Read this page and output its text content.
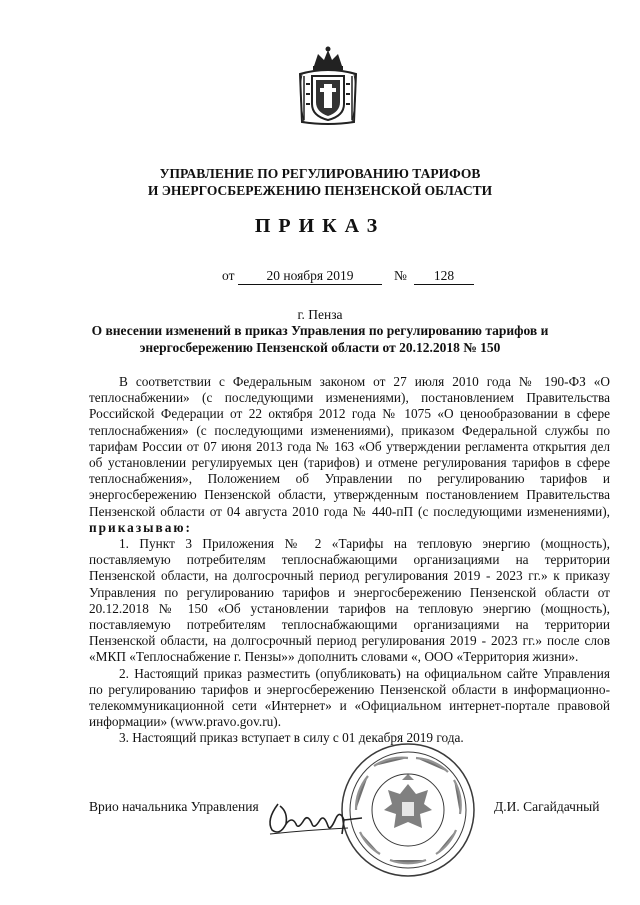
УПРАВЛЕНИЕ ПО РЕГУЛИРОВАНИЮ ТАРИФОВ
И ЭНЕРГОСБЕРЕЖЕНИЮ ПЕНЗЕНСКОЙ ОБЛАСТИ
ПРИКАЗ
от	20 ноября 2019	№	128
г. Пенза
О внесении изменений в приказ Управления по регулированию тарифов и
энергосбережению Пензенской области от 20.12.2018 № 150

В соответствии с Федеральным законом от 27 июля 2010 года № 190-ФЗ «О теплоснабжении» (с последующими изменениями), постановлением Правительства Российской Федерации от 22 октября 2012 года № 1075 «О ценообразовании в сфере теплоснабжения» (с последующими изменениями), приказом Федеральной службы по тарифам России от 07 июня 2013 года № 163 «Об утверждении регламента открытия дел об установлении регулируемых цен (тарифов) и отмене регулирования тарифов в сфере теплоснабжения», Положением об Управлении по регулированию тарифов и энергосбережению Пензенской области, утвержденным постановлением Правительства Пензенской области от 04 августа 2010 года № 440-пП (с последующими изменениями), приказываю:

1. Пункт 3 Приложения № 2 «Тарифы на тепловую энергию (мощность), поставляемую потребителям теплоснабжающими организациями на территории Пензенской области, на долгосрочный период регулирования 2019 - 2023 гг.» к приказу Управления по регулированию тарифов и энергосбережению Пензенской области от 20.12.2018 № 150 «Об установлении тарифов на тепловую энергию (мощность), поставляемую потребителям теплоснабжающими организациями на территории Пензенской области, на долгосрочный период регулирования 2019 - 2023 гг.» после слов «МКП «Теплоснабжение г. Пензы»» дополнить словами «, ООО «Территория жизни».

2. Настоящий приказ разместить (опубликовать) на официальном сайте Управления по регулированию тарифов и энергосбережению Пензенской области в информационно-телекоммуникационной сети «Интернет» и «Официальном интернет-портале правовой информации» (www.pravo.gov.ru).

3. Настоящий приказ вступает в силу с 01 декабря 2019 года.

Врио начальника Управления	Д.И. Сагайдачный
